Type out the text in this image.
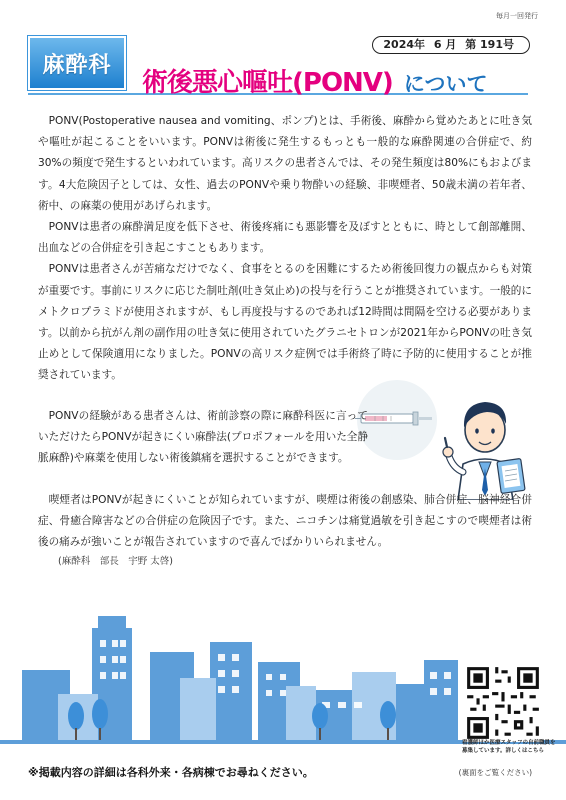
毎月一回発行
麻酔科
2024年 6 月 第 191号
術後悪心嘔吐(PONV) について

PONV(Postoperative nausea and vomiting、ポンプ)とは、手術後、麻酔から覚めたあとに吐き気や嘔吐が起こることをいいます。PONVは術後に発生するもっとも一般的な麻酔関連の合併症で、約30%の頻度で発生するといわれています。高リスクの患者さんでは、その発生頻度は80%にもおよびます。4大危険因子としては、女性、過去のPONVや乗り物酔いの経験、非喫煙者、50歳未満の若年者、術中、の麻薬の使用があげられます。

PONVは患者の麻酔満足度を低下させ、術後疼痛にも悪影響を及ぼすとともに、時として創部離開、出血などの合併症を引き起こすこともあります。

PONVは患者さんが苦痛なだけでなく、食事をとるのを困難にするため術後回復力の観点からも対策が重要です。事前にリスクに応じた制吐剤(吐き気止め)の投与を行うことが推奨されています。一般的にメトクロプラミドが使用されますが、もし再度投与するのであれば12時間は間隔を空ける必要があります。以前から抗がん剤の副作用の吐き気に使用されていたグラニセトロンが2021年からPONVの吐き気止めとして保険適用になりました。PONVの高リスク症例では手術終了時に予防的に使用することが推奨されています。

PONVの経験がある患者さんは、術前診察の際に麻酔科医に言っていただけたらPONVが起きにくい麻酔法(プロポフォールを用いた全静脈麻酔)や麻薬を使用しない術後鎮痛を選択することができます。

喫煙者はPONVが起きにくいことが知られていますが、喫煙は術後の創感染、肺合併症、脳神経合併症、骨癒合障害などの合併症の危険因子です。また、ニコチンは痛覚過敏を引き起こすので喫煙者は術後の痛みが強いことが報告されていますので喜んでばかりいられません。

(麻酔科　部長　宇野 太啓)
看護師ほか医療スタッフの自前職員を募集しています。詳しくはこちら
※掲載内容の詳細は各科外来・各病棟でお尋ねください。	(裏面をご覧ください)
